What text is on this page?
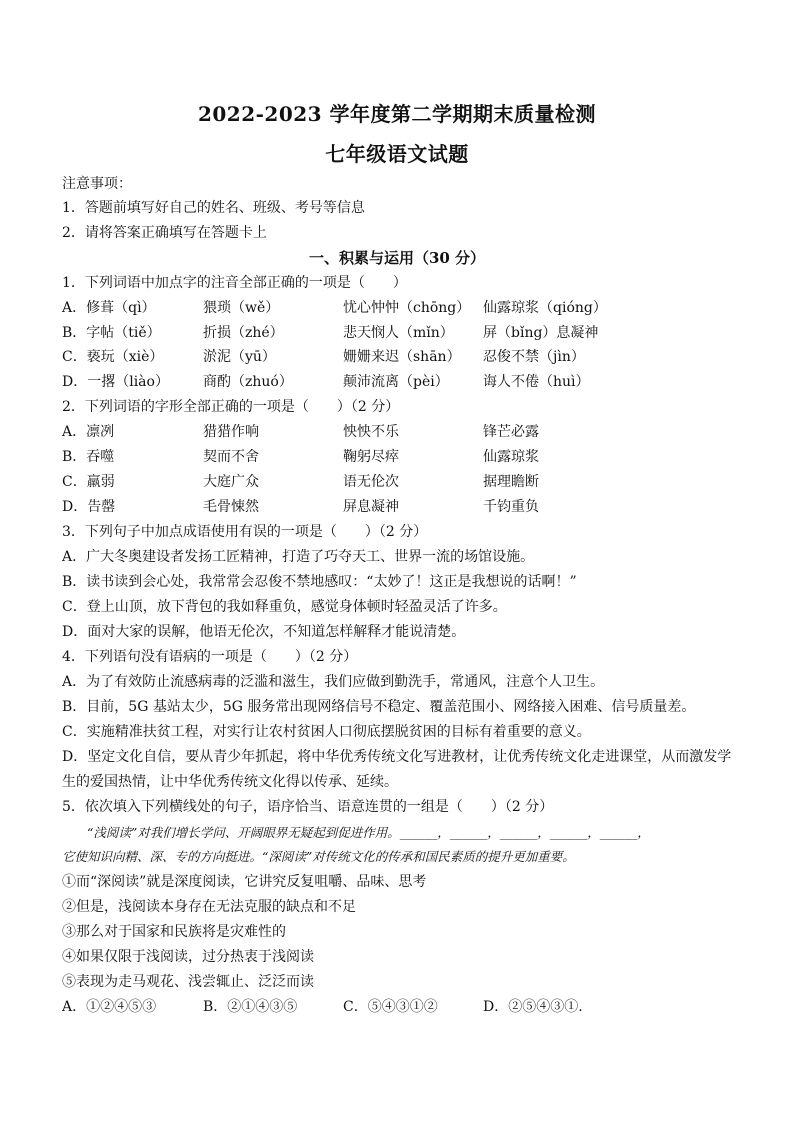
2022-2023 学年度第二学期期末质量检测
七年级语文试题
注意事项：
1．答题前填写好自己的姓名、班级、考号等信息
2．请将答案正确填写在答题卡上
一、积累与运用（30 分）
1．下列词语中加点字的注音全部正确的一项是（　　）
A．修葺（qì）	猥琐（wě）	忧心忡忡（chōng） 仙露琼浆（qióng）
B．字帖（tiě）	折损（zhé）	悲天悯人（mǐn） 屏（bǐng）息凝神
C．亵玩（xiè）	淤泥（yū）	姗姗来迟（shān） 忍俊不禁（jìn）
D．一撂（liào） 商酌（zhuó）	颠沛流离（pèi） 诲人不倦（huì）
2．下列词语的字形全部正确的一项是（　　）（2 分）
A．凛冽	猎猎作响	怏怏不乐	锋芒必露
B．吞噬	契而不舍	鞠躬尽瘁	仙露琼浆
C．羸弱	大庭广众	语无伦次	据理瞻断
D．告罄	毛骨悚然	屏息凝神	千钧重负
3．下列句子中加点成语使用有误的一项是（　　）（2 分）
A．广大冬奥建设者发扬工匠精神，打造了巧夺天工、世界一流的场馆设施。
B．读书读到会心处，我常常会忍俊不禁地感叹：“太妙了！这正是我想说的话啊！”
C．登上山顶，放下背包的我如释重负，感觉身体顿时轻盈灵活了许多。
D．面对大家的误解，他语无伦次，不知道怎样解释才能说清楚。
4．下列语句没有语病的一项是（　　）（2 分）
A．为了有效防止流感病毒的泛滥和滋生，我们应做到勤洗手，常通风，注意个人卫生。
B．目前，5G 基站太少，5G 服务常出现网络信号不稳定、覆盖范围小、网络接入困难、信号质量差。
C．实施精准扶贫工程，对实行让农村贫困人口彻底摆脱贫困的目标有着重要的意义。
D．坚定文化自信，要从青少年抓起，将中华优秀传统文化写进教材，让优秀传统文化走进课堂，从而激发学
生的爱国热情，让中华优秀传统文化得以传承、延续。
5．依次填入下列横线处的句子，语序恰当、语意连贯的一组是（　　）（2 分）
　　“浅阅读”对我们增长学问、开阔眼界无疑起到促进作用。______，______，______，______，______，
它使知识向精、深、专的方向挺进。“深阅读”对传统文化的传承和国民素质的提升更加重要。
①而“深阅读”就是深度阅读，它讲究反复咀嚼、品味、思考
②但是，浅阅读本身存在无法克服的缺点和不足
③那么对于国家和民族将是灾难性的
④如果仅限于浅阅读，过分热衷于浅阅读
⑤表现为走马观花、浅尝辄止、泛泛而读
A．①②④⑤③	B．②①④③⑤	C．⑤④③①②	D．②⑤④③①.
